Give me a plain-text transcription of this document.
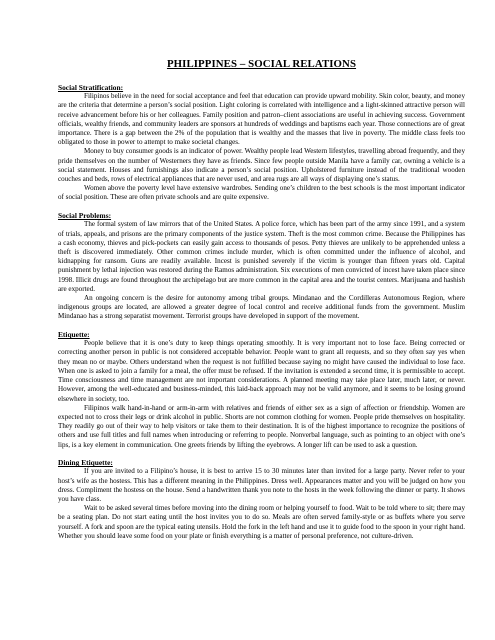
PHILIPPINES – SOCIAL RELATIONS
Social Stratification:

Filipinos believe in the need for social acceptance and feel that education can provide upward mobility. Skin color, beauty, and money are the criteria that determine a person’s social position. Light coloring is correlated with intelligence and a light-skinned attractive person will receive advancement before his or her colleagues. Family position and patron–client associations are useful in achieving success. Government officials, wealthy friends, and community leaders are sponsors at hundreds of weddings and baptisms each year. Those connections are of great importance. There is a gap between the 2% of the population that is wealthy and the masses that live in poverty. The middle class feels too obligated to those in power to attempt to make societal changes.

Money to buy consumer goods is an indicator of power. Wealthy people lead Western lifestyles, travelling abroad frequently, and they pride themselves on the number of Westerners they have as friends. Since few people outside Manila have a family car, owning a vehicle is a social statement. Houses and furnishings also indicate a person’s social position. Upholstered furniture instead of the traditional wooden couches and beds, rows of electrical appliances that are never used, and area rugs are all ways of displaying one’s status.

Women above the poverty level have extensive wardrobes. Sending one’s children to the best schools is the most important indicator of social position. These are often private schools and are quite expensive.

Social Problems:

The formal system of law mirrors that of the United States. A police force, which has been part of the army since 1991, and a system of trials, appeals, and prisons are the primary components of the justice system. Theft is the most common crime. Because the Philippines has a cash economy, thieves and pick-pockets can easily gain access to thousands of pesos. Petty thieves are unlikely to be apprehended unless a theft is discovered immediately. Other common crimes include murder, which is often committed under the influence of alcohol, and kidnapping for ransom. Guns are readily available. Incest is punished severely if the victim is younger than fifteen years old. Capital punishment by lethal injection was restored during the Ramos administration. Six executions of men convicted of incest have taken place since 1998. Illicit drugs are found throughout the archipelago but are more common in the capital area and the tourist centers. Marijuana and hashish are exported.

An ongoing concern is the desire for autonomy among tribal groups. Mindanao and the Cordilleras Autonomous Region, where indigenous groups are located, are allowed a greater degree of local control and receive additional funds from the government. Muslim Mindanao has a strong separatist movement. Terrorist groups have developed in support of the movement.

Etiquette:

People believe that it is one’s duty to keep things operating smoothly. It is very important not to lose face. Being corrected or correcting another person in public is not considered acceptable behavior. People want to grant all requests, and so they often say yes when they mean no or maybe. Others understand when the request is not fulfilled because saying no might have caused the individual to lose face. When one is asked to join a family for a meal, the offer must be refused. If the invitation is extended a second time, it is permissible to accept. Time consciousness and time management are not important considerations. A planned meeting may take place later, much later, or never. However, among the well-educated and business-minded, this laid-back approach may not be valid anymore, and it seems to be losing ground elsewhere in society, too.

Filipinos walk hand-in-hand or arm-in-arm with relatives and friends of either sex as a sign of affection or friendship. Women are expected not to cross their legs or drink alcohol in public. Shorts are not common clothing for women. People pride themselves on hospitality. They readily go out of their way to help visitors or take them to their destination. It is of the highest importance to recognize the positions of others and use full titles and full names when introducing or referring to people. Nonverbal language, such as pointing to an object with one’s lips, is a key element in communication. One greets friends by lifting the eyebrows. A longer lift can be used to ask a question.

Dining Etiquette:

If you are invited to a Filipino’s house, it is best to arrive 15 to 30 minutes later than invited for a large party. Never refer to your host’s wife as the hostess. This has a different meaning in the Philippines. Dress well. Appearances matter and you will be judged on how you dress. Compliment the hostess on the house. Send a handwritten thank you note to the hosts in the week following the dinner or party. It shows you have class.

Wait to be asked several times before moving into the dining room or helping yourself to food. Wait to be told where to sit; there may be a seating plan. Do not start eating until the host invites you to do so. Meals are often served family-style or as buffets where you serve yourself. A fork and spoon are the typical eating utensils. Hold the fork in the left hand and use it to guide food to the spoon in your right hand. Whether you should leave some food on your plate or finish everything is a matter of personal preference, not culture-driven.
